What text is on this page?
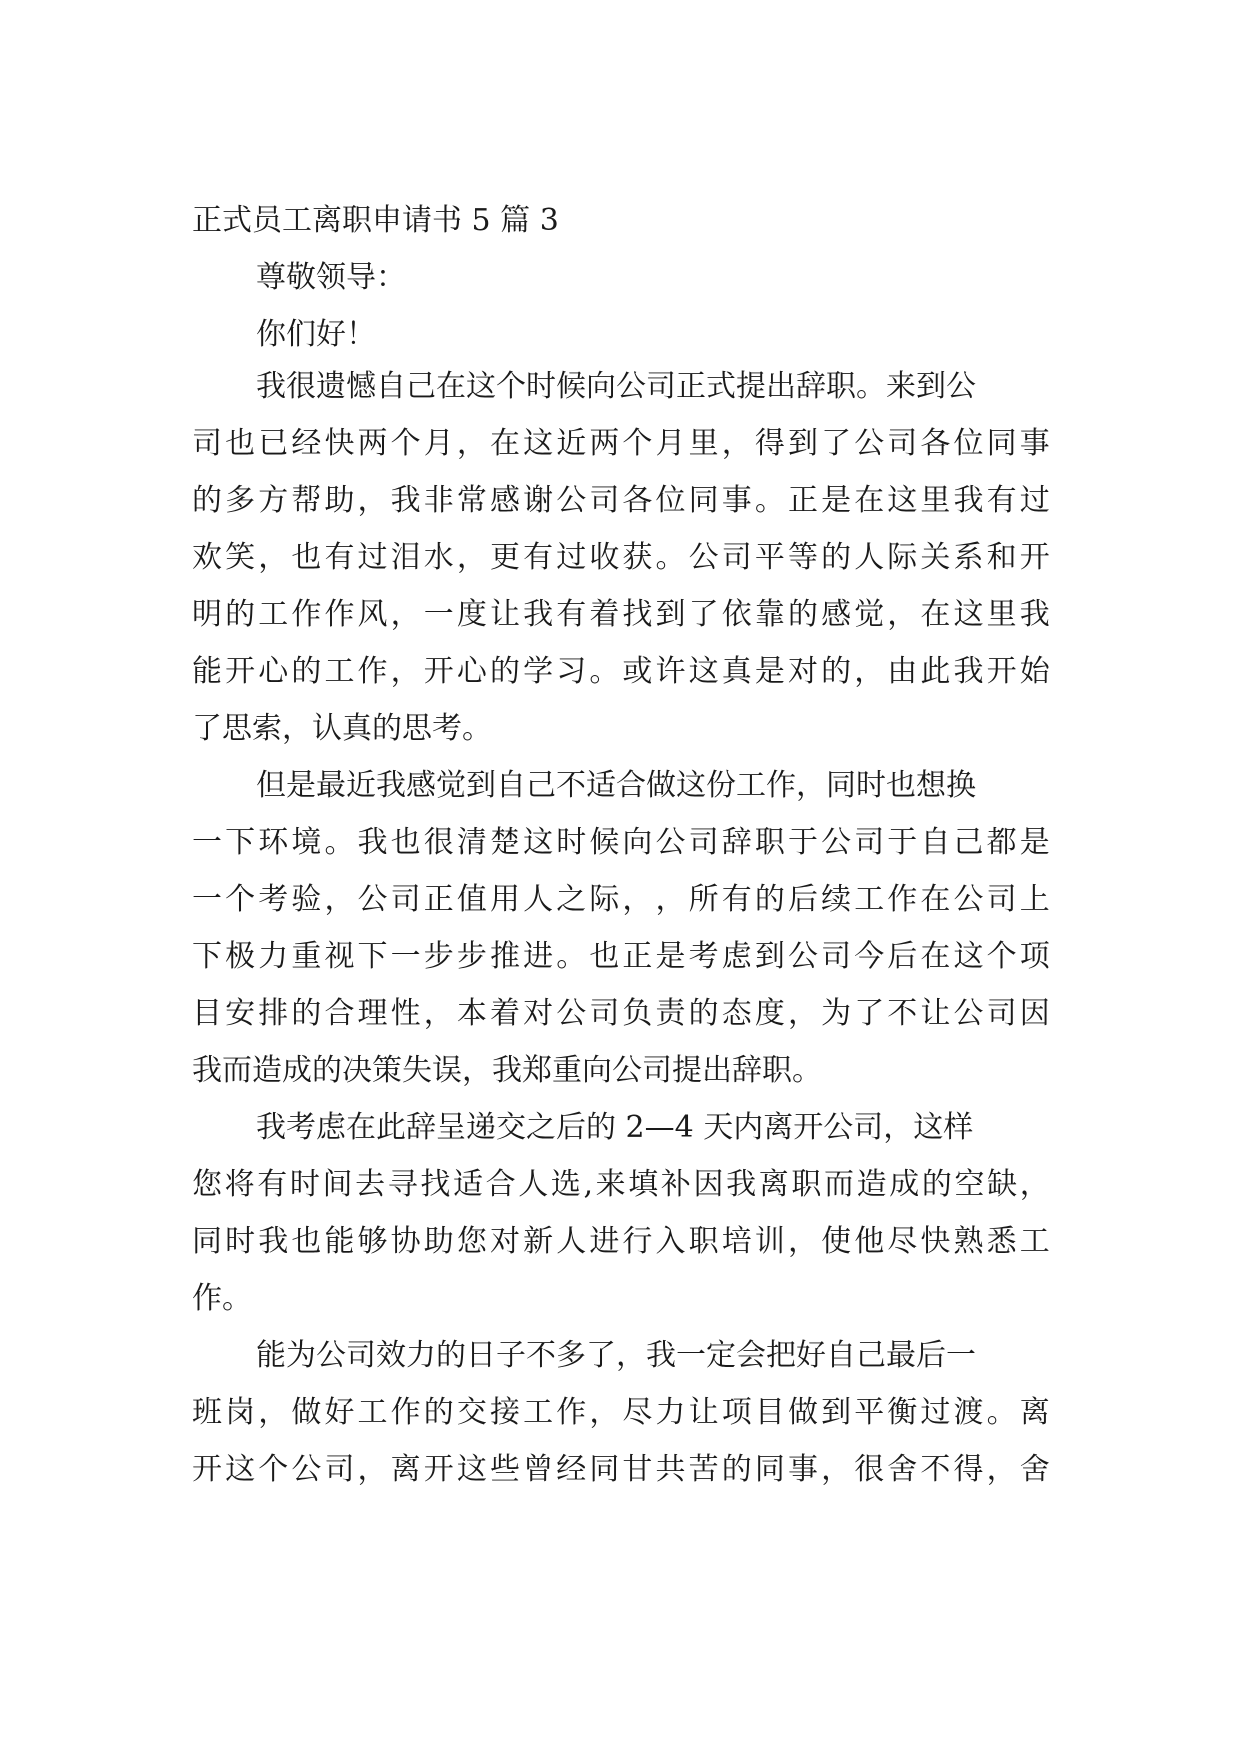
正式员工离职申请书 5 篇 3
尊敬领导：
你们好！
我很遗憾自己在这个时候向公司正式提出辞职。来到公
司 也 已 经 快 两 个 月 ， 在 这 近 两 个 月 里 ， 得 到 了 公 司 各 位 同 事
的 多 方 帮 助 ， 我 非 常 感 谢 公 司 各 位 同 事 。 正 是 在 这 里 我 有 过
欢 笑 ， 也 有 过 泪 水 ， 更 有 过 收 获 。 公 司 平 等 的 人 际 关 系 和 开
明 的 工 作 作 风 ， 一 度 让 我 有 着 找 到 了 依 靠 的 感 觉 ， 在 这 里 我
能 开 心 的 工 作 ， 开 心 的 学 习 。 或 许 这 真 是 对 的 ， 由 此 我 开 始
了思索，认真的思考。
但是最近我感觉到自己不适合做这份工作，同时也想换
一 下 环 境 。 我 也 很 清 楚 这 时 候 向 公 司 辞 职 于 公 司 于 自 己 都 是
一 个 考 验 ， 公 司 正 值 用 人 之 际 ， ， 所 有 的 后 续 工 作 在 公 司 上
下 极 力 重 视 下 一 步 步 推 进 。 也 正 是 考 虑 到 公 司 今 后 在 这 个 项
目 安 排 的 合 理 性 ， 本 着 对 公 司 负 责 的 态 度 ， 为 了 不 让 公 司 因
我而造成的决策失误，我郑重向公司提出辞职。
我考虑在此辞呈递交之后的 2—4 天内离开公司，这样
您 将 有 时 间 去 寻 找 适 合 人 选 , 来 填 补 因 我 离 职 而 造 成 的 空 缺 ，
同 时 我 也 能 够 协 助 您 对 新 人 进 行 入 职 培 训 ， 使 他 尽 快 熟 悉 工
作。
能为公司效力的日子不多了，我一定会把好自己最后一
班 岗 ， 做 好 工 作 的 交 接 工 作 ， 尽 力 让 项 目 做 到 平 衡 过 渡 。 离
开 这 个 公 司 ， 离 开 这 些 曾 经 同 甘 共 苦 的 同 事 ， 很 舍 不 得 ， 舍
